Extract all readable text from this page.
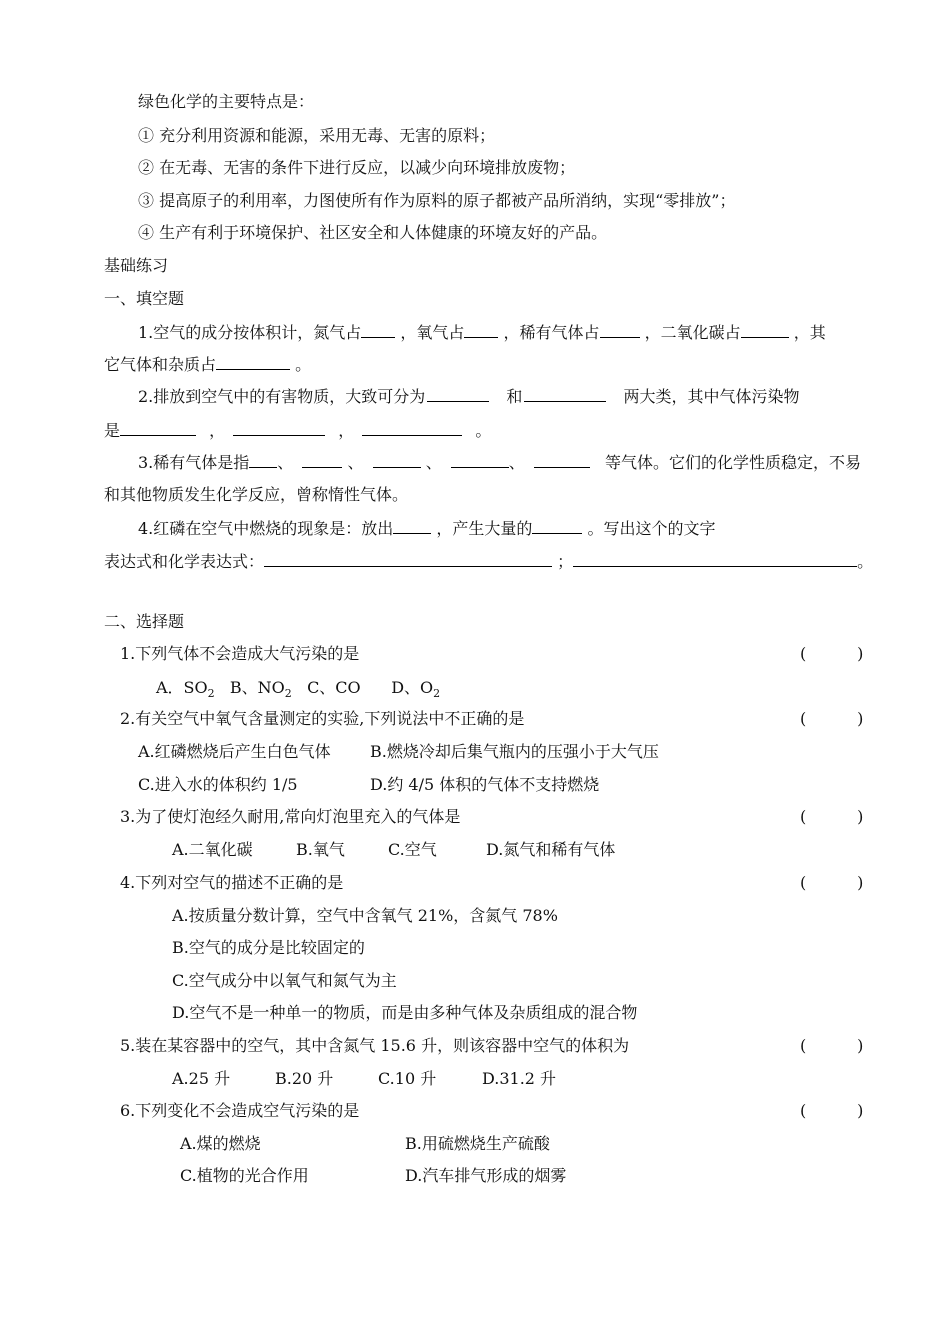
绿色化学的主要特点是：
① 充分利用资源和能源，采用无毒、无害的原料；
② 在无毒、无害的条件下进行反应，以减少向环境排放废物；
③ 提高原子的利用率，力图使所有作为原料的原子都被产品所消纳，实现“零排放”；
④ 生产有利于环境保护、社区安全和人体健康的环境友好的产品。
基础练习
一、填空题
1.空气的成分按体积计，氮气占 ，氧气占 ，稀有气体占	，二氧化碳占	，其
它气体和杂质占	。
2.排放到空气中的有害物质，大致可分为	和	两大类，其中气体污染物
是	，	，	。
3.稀有气体是指 、	、	、	、	等气体。它们的化学性质稳定，不易
和其他物质发生化学反应，曾称惰性气体。
4.红磷在空气中燃烧的现象是：放出	，产生大量的	。写出这个的文字
表达式和化学表达式：	；	。
二、选择题
1.下列气体不会造成大气污染的是	(          )
A．$SO_2$ B、$NO_2$ C、CO D、$O_2$
2.有关空气中氧气含量测定的实验,下列说法中不正确的是	(          )
A.红磷燃烧后产生白色气体 B.燃烧冷却后集气瓶内的压强小于大气压
C.进入水的体积约 1/5	D.约 4/5 体积的气体不支持燃烧
3.为了使灯泡经久耐用,常向灯泡里充入的气体是	(          )
A.二氧化碳	B.氧气	C.空气	D.氮气和稀有气体
4.下列对空气的描述不正确的是	(          )
A.按质量分数计算，空气中含氧气 21%，含氮气 78%
B.空气的成分是比较固定的
C.空气成分中以氧气和氮气为主
D.空气不是一种单一的物质，而是由多种气体及杂质组成的混合物
5.装在某容器中的空气，其中含氮气 15.6 升，则该容器中空气的体积为	(          )
A.25 升	B.20 升	C.10 升	D.31.2 升
6.下列变化不会造成空气污染的是	(          )
A.煤的燃烧	B.用硫燃烧生产硫酸
C.植物的光合作用	D.汽车排气形成的烟雾
